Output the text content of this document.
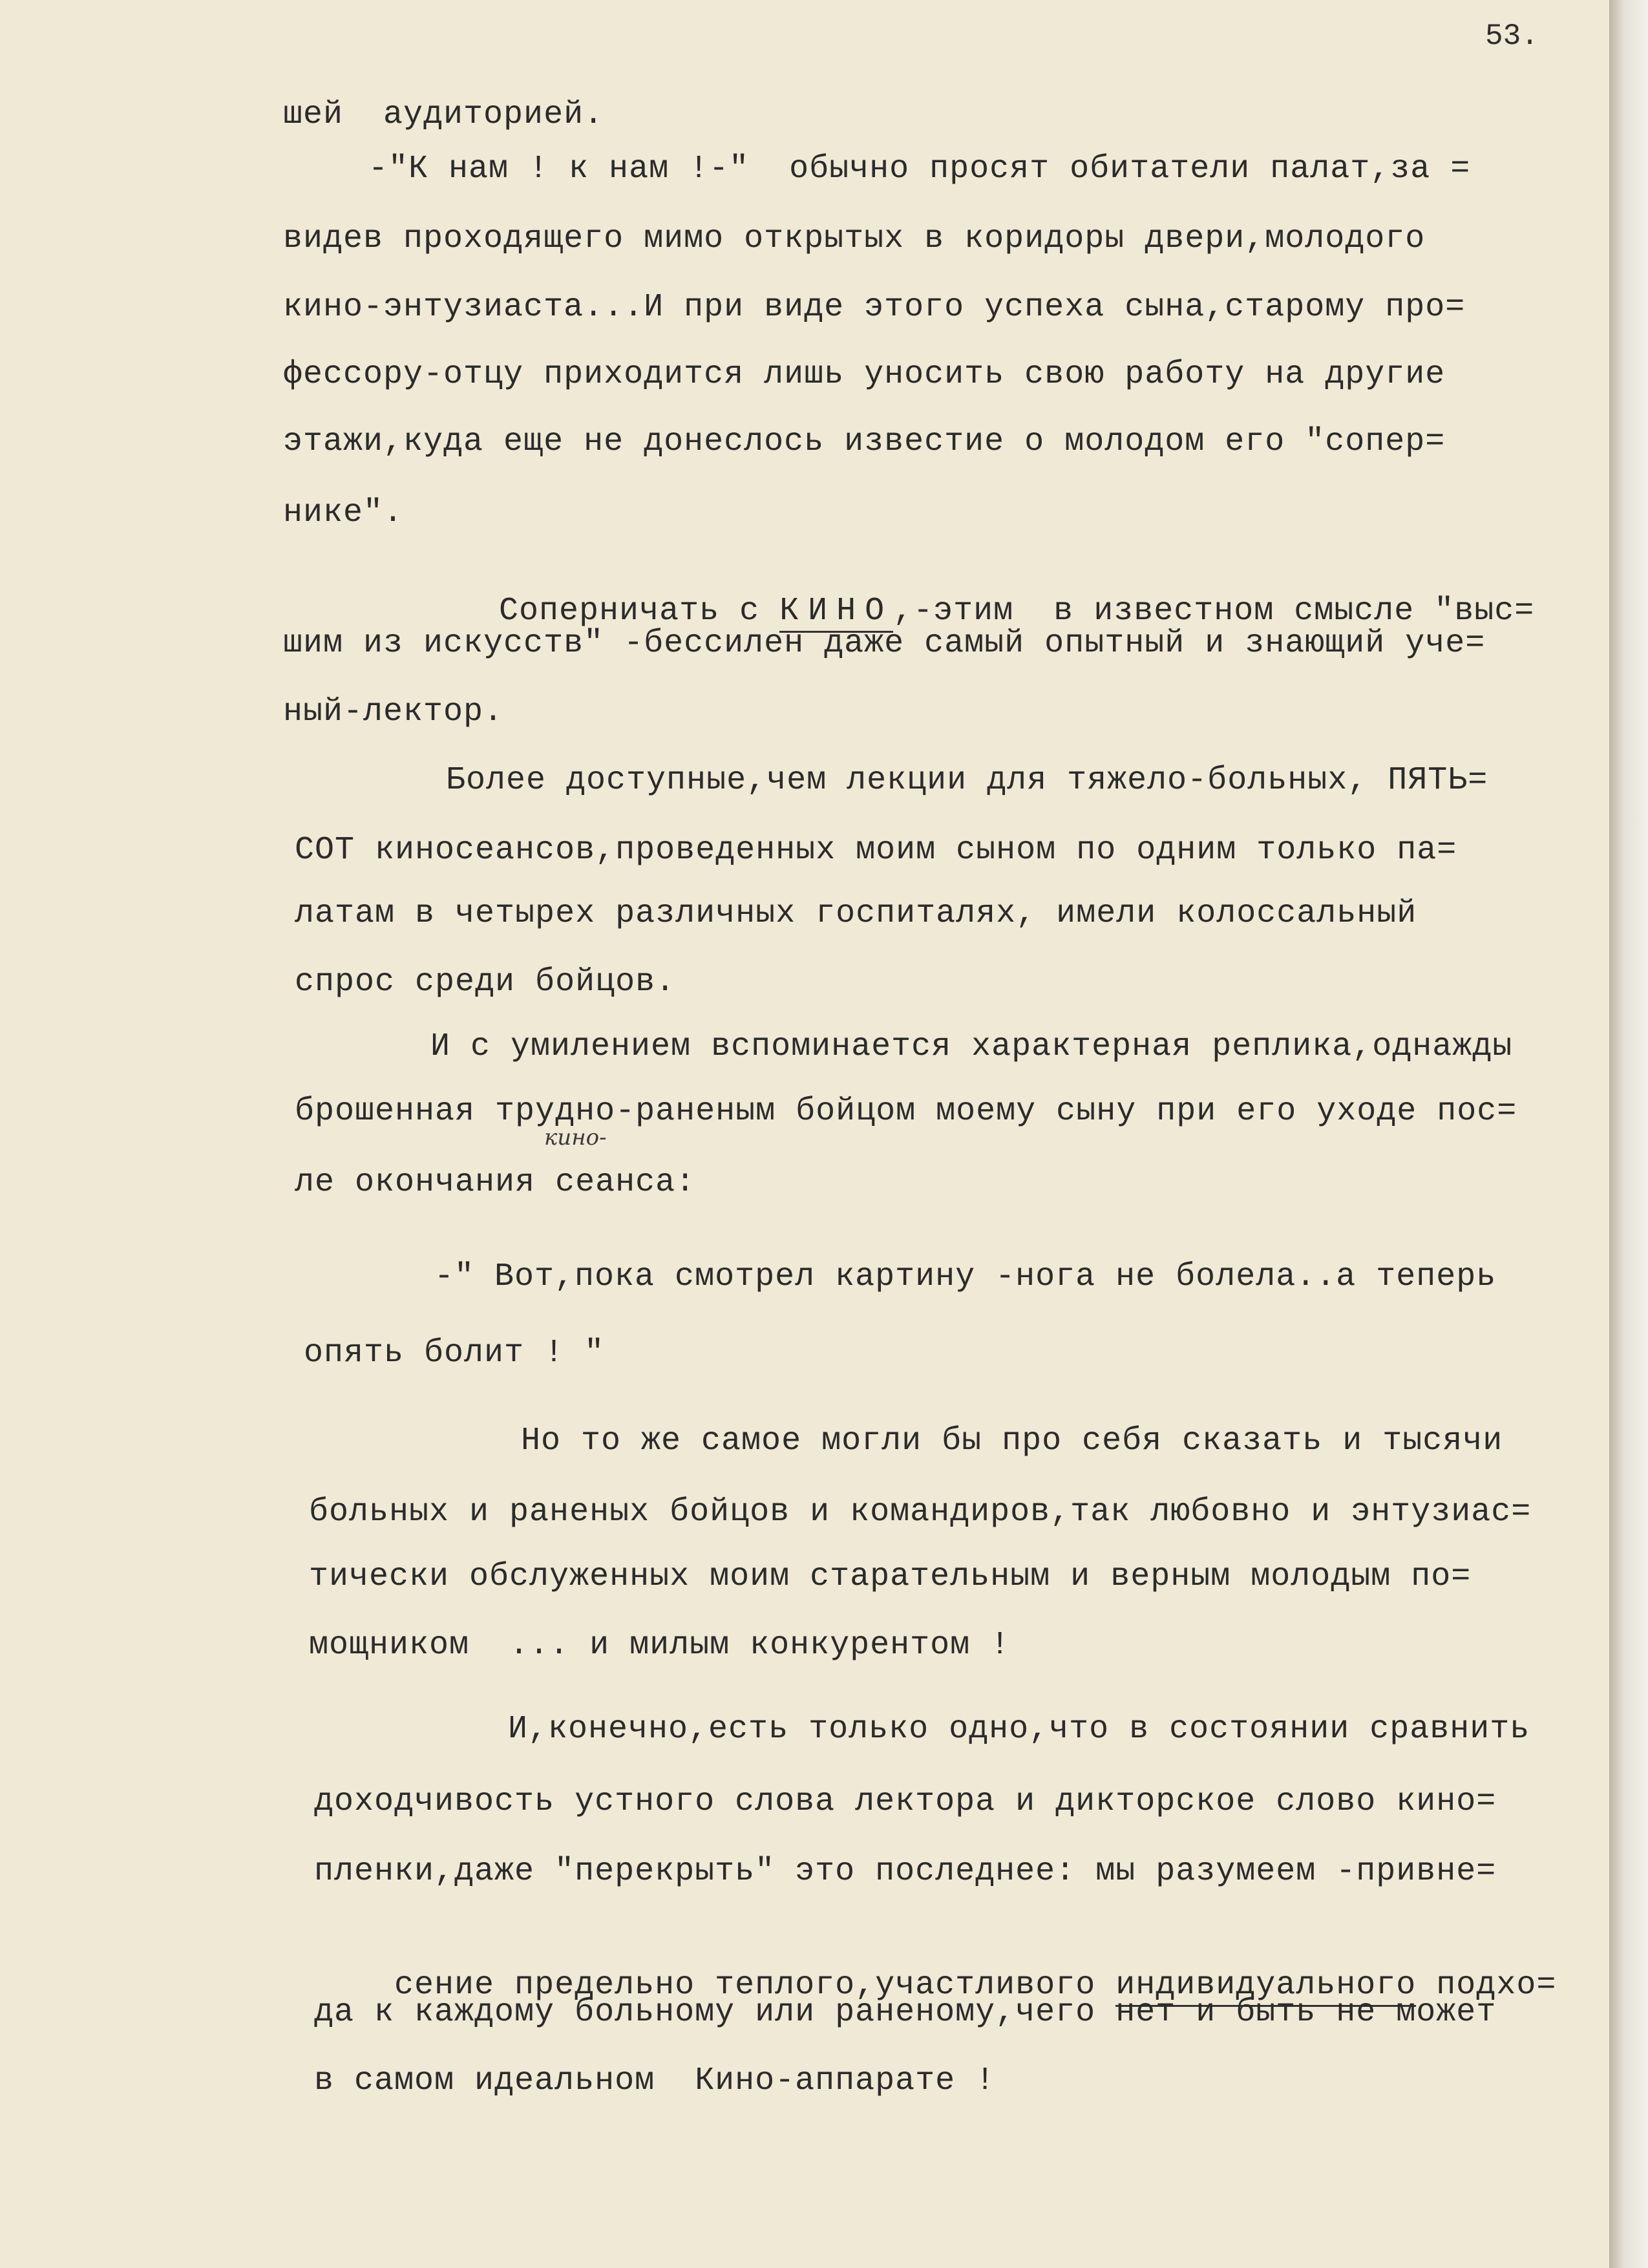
53.
шей  аудиторией.
-"К нам ! к нам !-"  обычно просят обитатели палат,за =
видев проходящего мимо открытых в коридоры двери,молодого
кино-энтузиаста...И при виде этого успеха сына,старому про=
фессору-отцу приходится лишь уносить свою работу на другие
этажи,куда еще не донеслось известие о молодом его "сопер=
нике".

Соперничать с КИНО,-этим  в известном смысле "выс=

шим из искусств" -бессилен даже самый опытный и знающий уче=
ный-лектор.
Более доступные,чем лекции для тяжело-больных, ПЯТЬ=
СОТ киносеансов,проведенных моим сыном по одним только па=
латам в четырех различных госпиталях, имели колоссальный
спрос среди бойцов.
И с умилением вспоминается характерная реплика,однажды
брошенная трудно-раненым бойцом моему сыну при его уходе пос=
ле окончания сеанса:
кино-
-" Вот,пока смотрел картину -нога не болела..а теперь
опять болит ! "
Но то же самое могли бы про себя сказать и тысячи
больных и раненых бойцов и командиров,так любовно и энтузиас=
тически обслуженных моим старательным и верным молодым по=
мощником  ... и милым конкурентом !
И,конечно,есть только одно,что в состоянии сравнить
доходчивость устного слова лектора и дикторское слово кино=
пленки,даже "перекрыть" это последнее: мы разумеем -привне=

сение предельно теплого,участливого индивидуального подхо=

да к каждому больному или раненому,чего нет и быть не может
в самом идеальном  Кино-аппарате !
